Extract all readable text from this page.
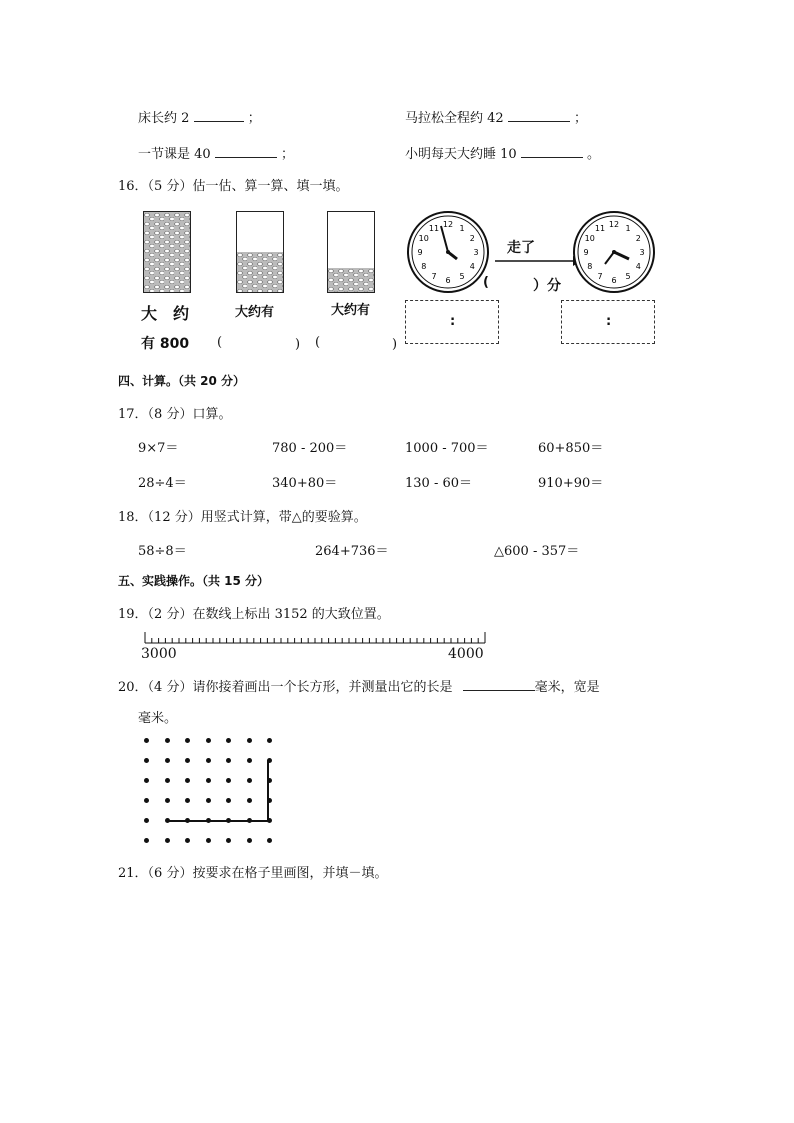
床长约 2	；	马拉松全程约 42	；
一节课是 40	；	小明每天大约睡 10	。
16．（5 分）估一估、算一算、填一填。
大　约
有 800
大约有	大约有
(	) (	)
12 1
2
3
4
5
6
7
8
9
10
11
走了
(	）分
12 1
2
3
4
5
6
7
8
9
10
11
:	:
四、计算。（共 20 分）
17．（8 分）口算。
9×7＝	780 - 200＝	1000 - 700＝	60+850＝
28÷4＝	340+80＝	130 - 60＝	910+90＝
18．（12 分）用竖式计算，带△的要验算。
58÷8＝	264+736＝	△600 - 357＝
五、实践操作。（共 15 分）
19．（2 分）在数线上标出 3152 的大致位置。
3000	4000
20．（4 分）请你接着画出一个长方形，并测量出它的长是	毫米，宽是
毫米。
21．（6 分）按要求在格子里画图，并填－填。
